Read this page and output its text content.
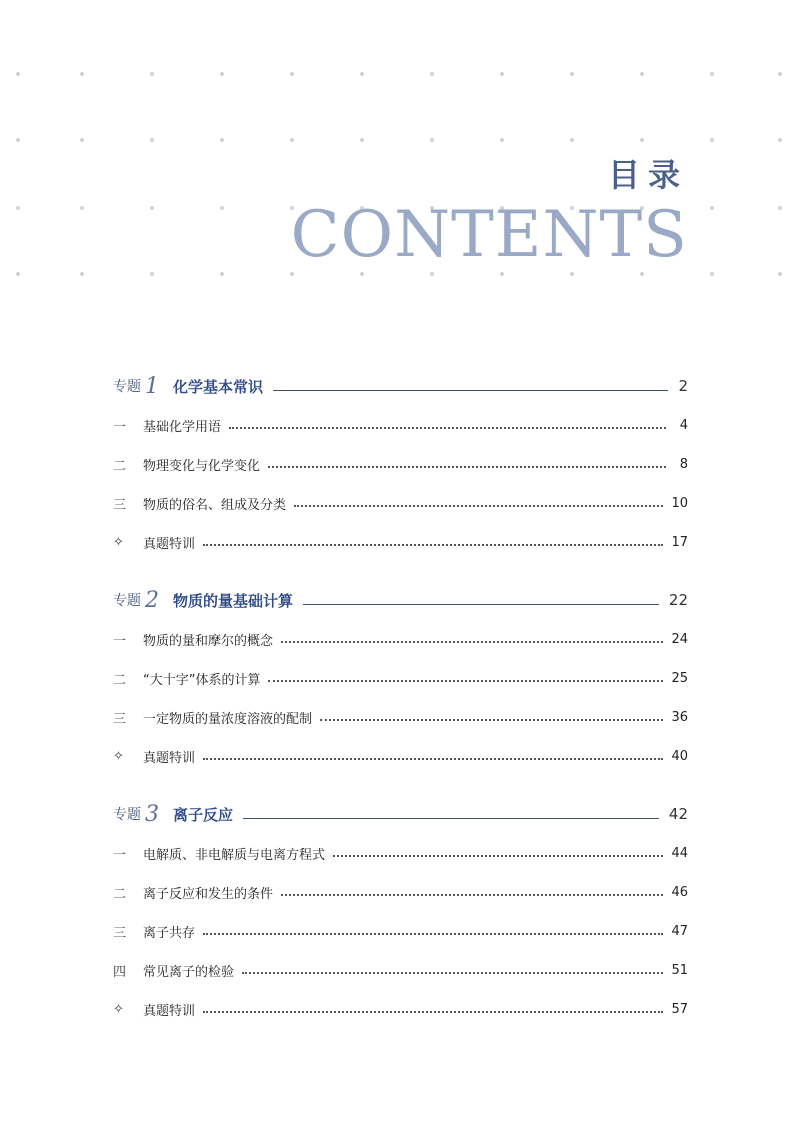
目录
CONTENTS
专题 1 化学基本常识	2
一	基础化学用语	4
二	物理变化与化学变化	8
三	物质的俗名、组成及分类	10
✧	真题特训	17
专题 2 物质的量基础计算	22
一	物质的量和摩尔的概念	24
二	“大十字”体系的计算	25
三	一定物质的量浓度溶液的配制	36
✧	真题特训	40
专题 3 离子反应	42
一	电解质、非电解质与电离方程式	44
二	离子反应和发生的条件	46
三	离子共存	47
四	常见离子的检验	51
✧	真题特训	57
